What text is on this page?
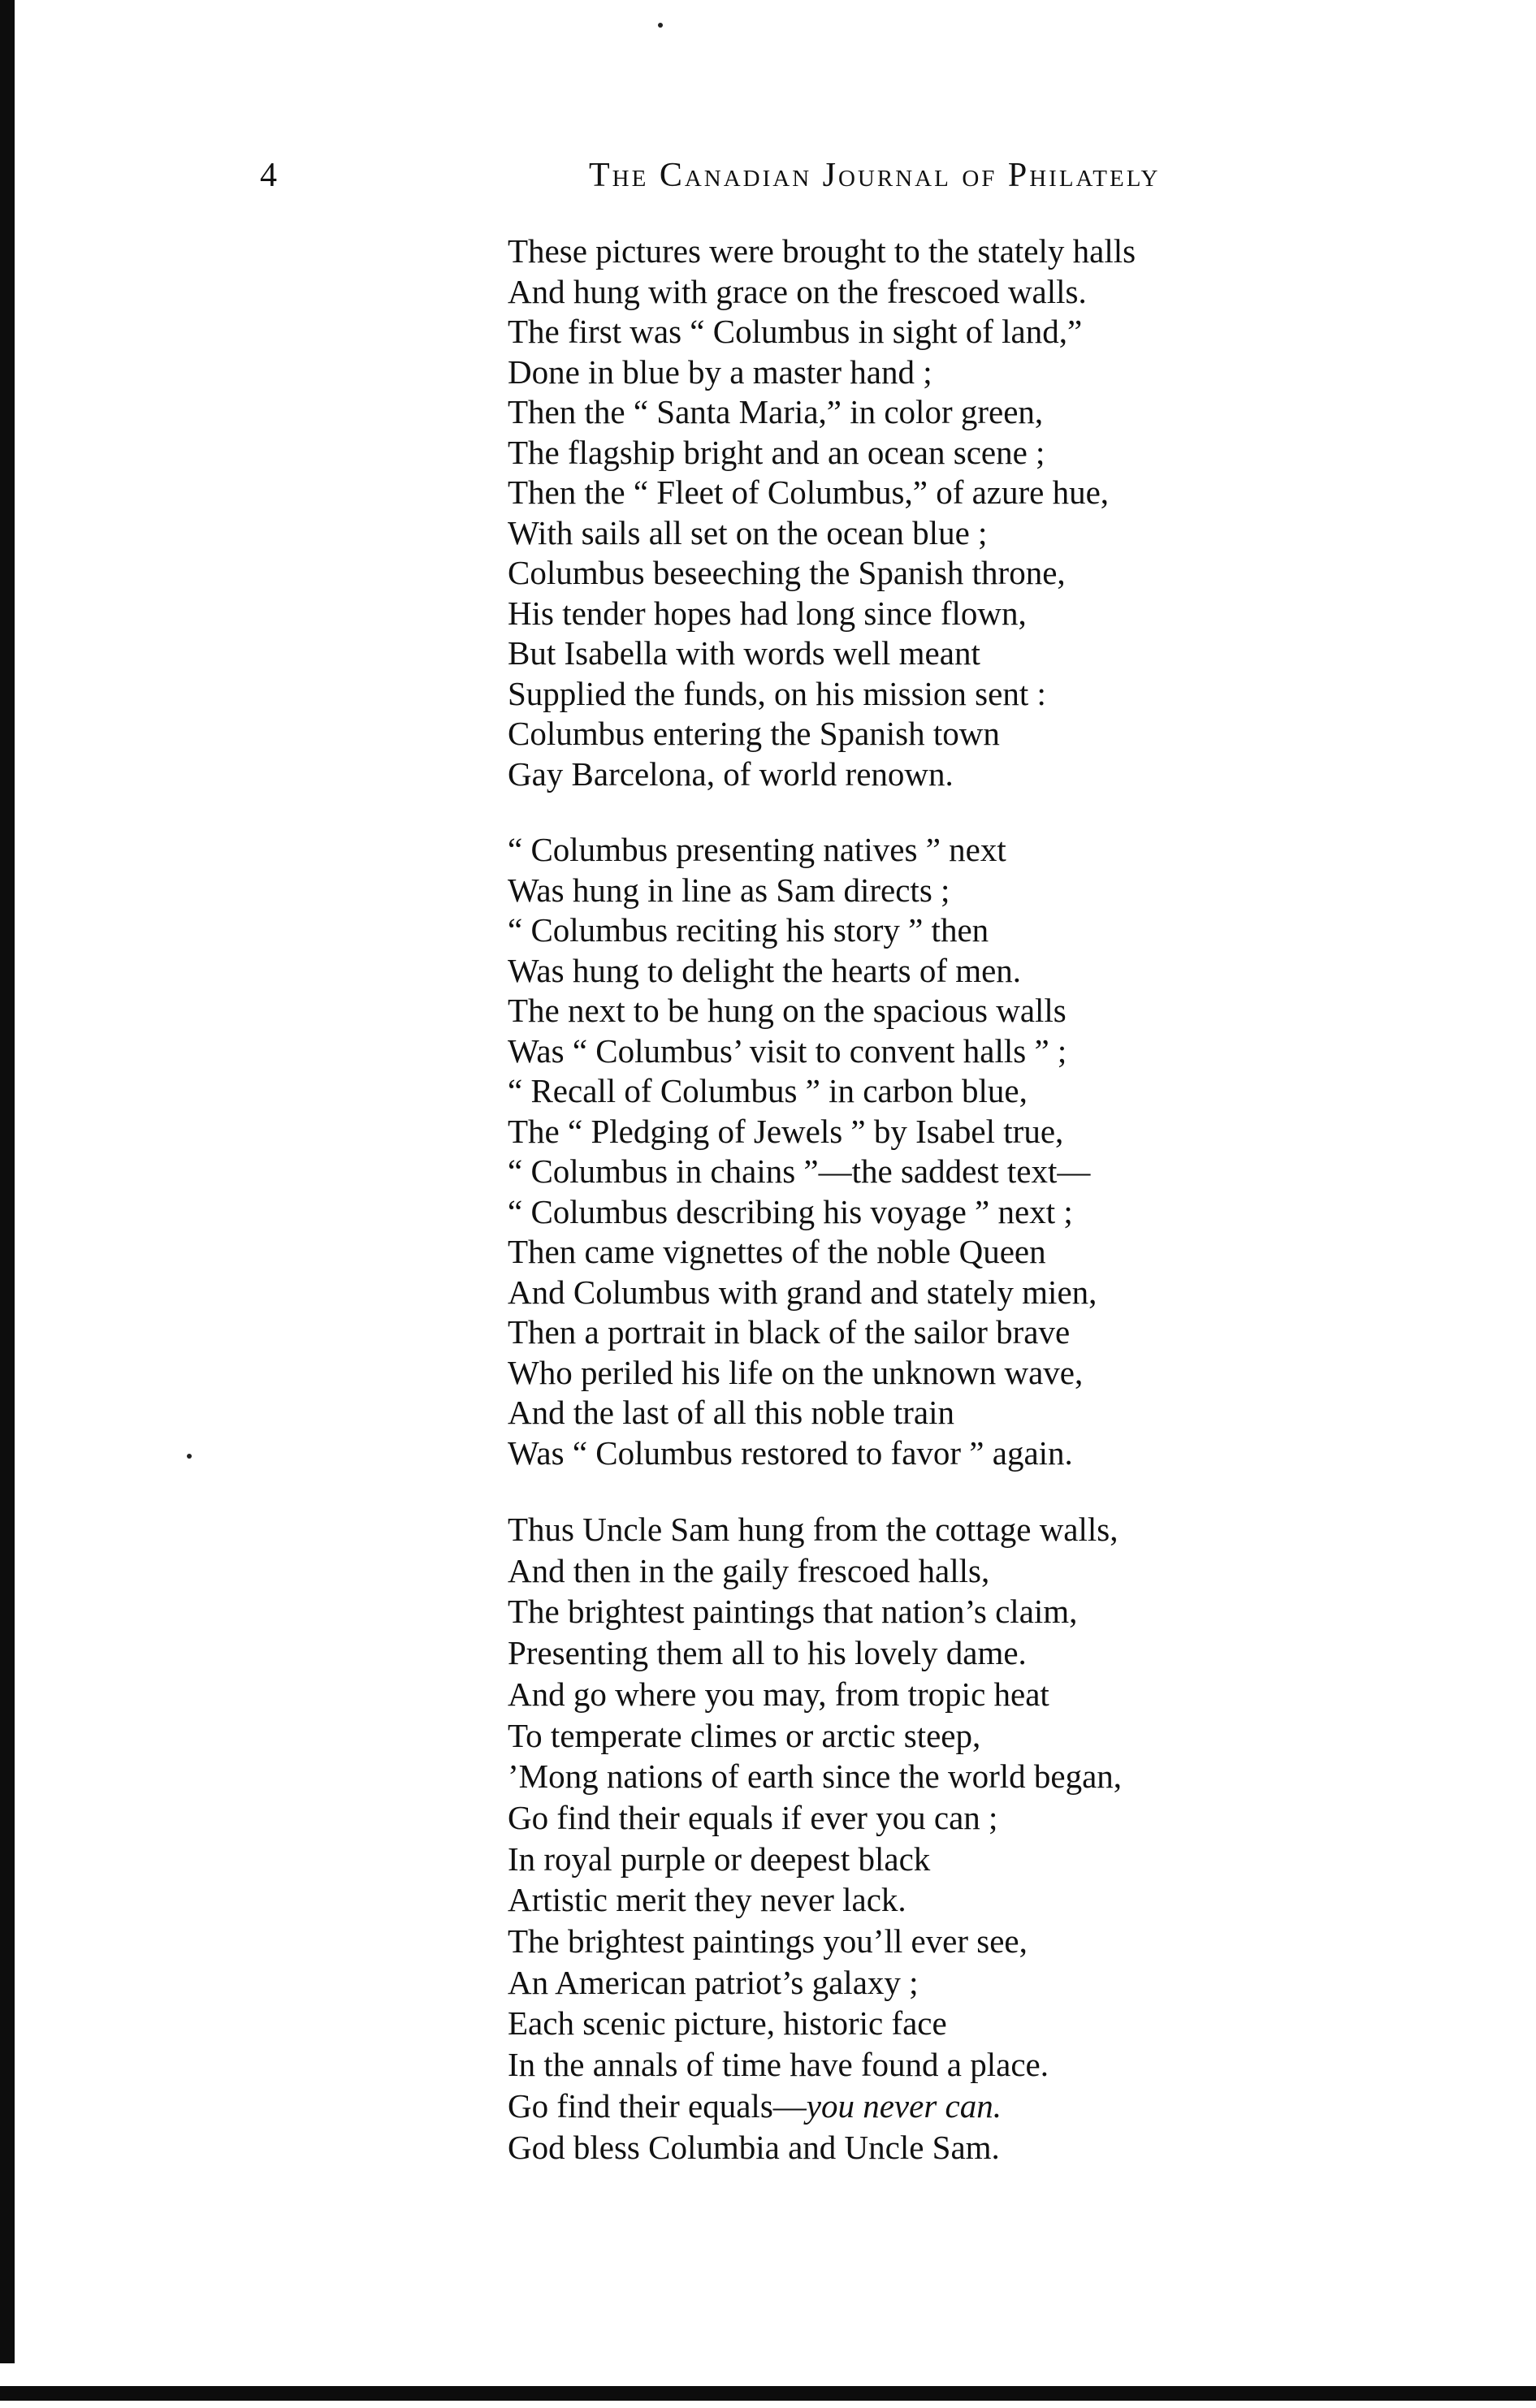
4	The Canadian Journal of Philately
These pictures were brought to the stately halls
And hung with grace on the frescoed walls.
The first was “ Columbus in sight of land,”
Done in blue by a master hand ;
Then the “ Santa Maria,” in color green,
The flagship bright and an ocean scene ;
Then the “ Fleet of Columbus,” of azure hue,
With sails all set on the ocean blue ;
Columbus beseeching the Spanish throne,
His tender hopes had long since flown,
But Isabella with words well meant
Supplied the funds, on his mission sent :
Columbus entering the Spanish town
Gay Barcelona, of world renown.
“ Columbus presenting natives ” next
Was hung in line as Sam directs ;
“ Columbus reciting his story ” then
Was hung to delight the hearts of men.
The next to be hung on the spacious walls
Was “ Columbus’ visit to convent halls ” ;
“ Recall of Columbus ” in carbon blue,
The “ Pledging of Jewels ” by Isabel true,
“ Columbus in chains ”—the saddest text—
“ Columbus describing his voyage ” next ;
Then came vignettes of the noble Queen
And Columbus with grand and stately mien,
Then a portrait in black of the sailor brave
Who periled his life on the unknown wave,
And the last of all this noble train
Was “ Columbus restored to favor ” again.
Thus Uncle Sam hung from the cottage walls,
And then in the gaily frescoed halls,
The brightest paintings that nation’s claim,
Presenting them all to his lovely dame.
And go where you may, from tropic heat
To temperate climes or arctic steep,
’Mong nations of earth since the world began,
Go find their equals if ever you can ;
In royal purple or deepest black
Artistic merit they never lack.
The brightest paintings you’ll ever see,
An American patriot’s galaxy ;
Each scenic picture, historic face
In the annals of time have found a place.
Go find their equals—you never can.
God bless Columbia and Uncle Sam.
